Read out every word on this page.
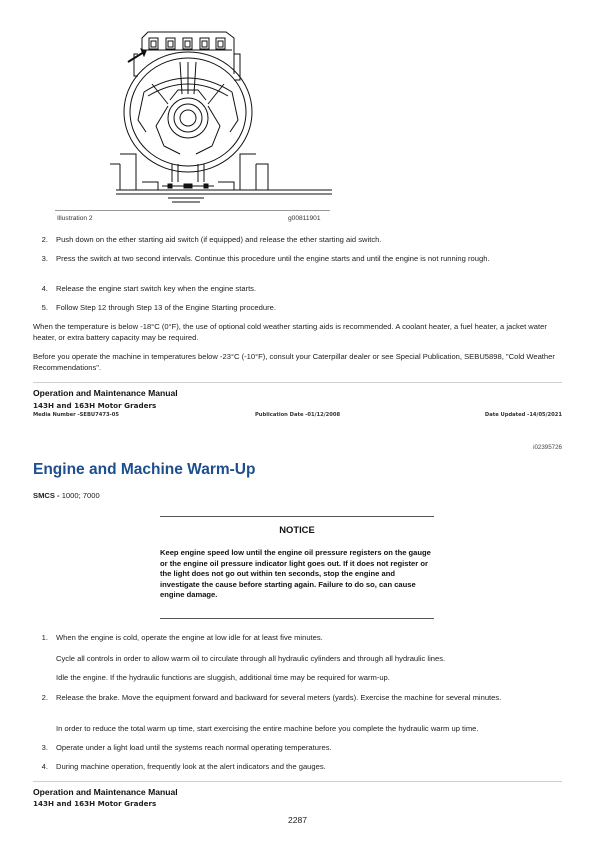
Illustration 2	g00811901
2. Push down on the ether starting aid switch (if equipped) and release the ether starting aid switch.
3. Press the switch at two second intervals. Continue this procedure until the engine starts and until the engine is not running rough.
4. Release the engine start switch key when the engine starts.
5. Follow Step 12 through Step 13 of the Engine Starting procedure.
When the temperature is below -18°C (0°F), the use of optional cold weather starting aids is recommended. A coolant heater, a fuel heater, a jacket water heater, or extra battery capacity may be required.
Before you operate the machine in temperatures below -23°C (-10°F), consult your Caterpillar dealer or see Special Publication, SEBU5898, "Cold Weather Recommendations".
Operation and Maintenance Manual
143H and 163H Motor Graders
Media Number -SEBU7473-05	Publication Date -01/12/2008	Date Updated -14/05/2021
i02395726
Engine and Machine Warm-Up
SMCS - 1000; 7000
NOTICE
Keep engine speed low until the engine oil pressure registers on the gauge or the engine oil pressure indicator light goes out. If it does not register or the light does not go out within ten seconds, stop the engine and investigate the cause before starting again. Failure to do so, can cause engine damage.
1. When the engine is cold, operate the engine at low idle for at least five minutes.
Cycle all controls in order to allow warm oil to circulate through all hydraulic cylinders and through all hydraulic lines.
Idle the engine. If the hydraulic functions are sluggish, additional time may be required for warm-up.
2. Release the brake. Move the equipment forward and backward for several meters (yards). Exercise the machine for several minutes.
In order to reduce the total warm up time, start exercising the entire machine before you complete the hydraulic warm up time.
3. Operate under a light load until the systems reach normal operating temperatures.
4. During machine operation, frequently look at the alert indicators and the gauges.
Operation and Maintenance Manual
143H and 163H Motor Graders
2287
